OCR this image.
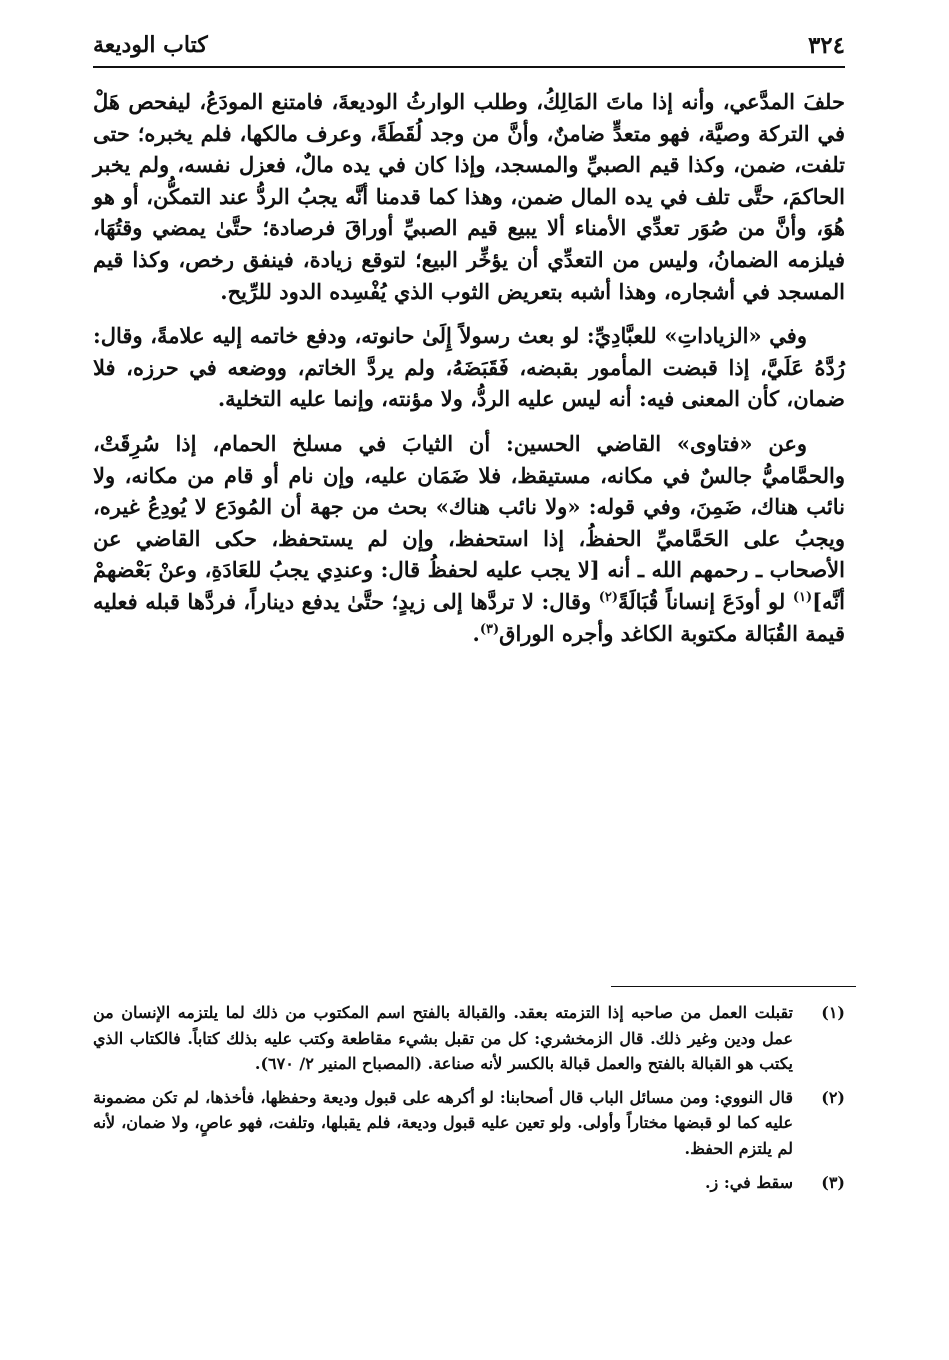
٣٢٤
كتاب الوديعة

حلفَ المدَّعي، وأنه إذا ماتَ المَالِكُ، وطلب الوارثُ الوديعةَ، فامتنع المودَعُ، ليفحص هَلْ في التركة وصيَّة، فهو متعدٍّ ضامنٌ، وأنَّ من وجد لُقَطَةً، وعرف مالكها، فلم يخبره؛ حتى تلفت، ضمن، وكذا قيم الصبيِّ والمسجد، وإذا كان في يده مالٌ، فعزل نفسه، ولم يخبر الحاكمَ، حتَّى تلف في يده المال ضمن، وهذا كما قدمنا أنَّه يجبُ الردُّ عند التمكُّن، أو هو هُوَ، وأنَّ من صُوَر تعدِّي الأمناء ألا يبيع قيم الصبيِّ أوراقَ فرصادة؛ حتَّىٰ يمضي وقتُهَا، فيلزمه الضمانُ، وليس من التعدِّي أن يؤخِّر البيع؛ لتوقع زيادة، فينفق رخص، وكذا قيم المسجد في أشجاره، وهذا أشبه بتعريض الثوب الذي يُفْسِده الدود للرِّيح.

وفي «الزياداتِ» للعبَّادِيِّ: لو بعث رسولاً إِلَىٰ حانوته، ودفع خاتمه إليه علامةً، وقال: رُدَّهُ عَلَيَّ، إذا قبضت المأمور بقبضه، فَقَبَضَهُ، ولم يردَّ الخاتم، ووضعه في حرزه، فلا ضمان، كأن المعنى فيه: أنه ليس عليه الردُّ، ولا مؤنته، وإنما عليه التخلية.

وعن «فتاوى» القاضي الحسين: أن الثيابَ في مسلخ الحمام، إذا سُرِقَتْ، والحمَّاميُّ جالسٌ في مكانه، مستيقظ، فلا ضَمَان عليه، وإن نام أو قام من مكانه، ولا نائب هناك، ضَمِنَ، وفي قوله: «ولا نائب هناك» بحث من جهة أن المُودَع لا يُودِعُ غيره، ويجبُ على الحَمَّاميِّ الحفظُ، إذا استحفظ، وإن لم يستحفظ، حكى القاضي عن الأصحاب ـ رحمهم الله ـ أنه [لا يجب عليه لحفظُ قال: وعندِي يجبُ للعَادَةِ، وعنْ بَعْضهمْ أنَّه]$^{(١)}$ لو أودَعَ إنساناً قُبَالَةً$^{(٢)}$ وقال: لا تردَّها إلى زيدٍ؛ حتَّىٰ يدفع ديناراً، فردَّها قبله فعليه قيمة القُبَالة مكتوبة الكاغد وأجره الوراق$^{(٣)}$.

(١)
تقبلت العمل من صاحبه إذا التزمته بعقد. والقبالة بالفتح اسم المكتوب من ذلك لما يلتزمه الإنسان من عمل ودين وغير ذلك. قال الزمخشري: كل من تقبل بشيء مقاطعة وكتب عليه بذلك كتاباً. فالكتاب الذي يكتب هو القبالة بالفتح والعمل قبالة بالكسر لأنه صناعة. (المصباح المنير ٢/ ٦٧٠).
(٢)
قال النووي: ومن مسائل الباب قال أصحابنا: لو أكرهه على قبول وديعة وحفظها، فأخذها، لم تكن مضمونة عليه كما لو قبضها مختاراً وأولى. ولو تعين عليه قبول وديعة، فلم يقبلها، وتلفت، فهو عاصٍ، ولا ضمان، لأنه لم يلتزم الحفظ.
(٣)
سقط في: ز.
